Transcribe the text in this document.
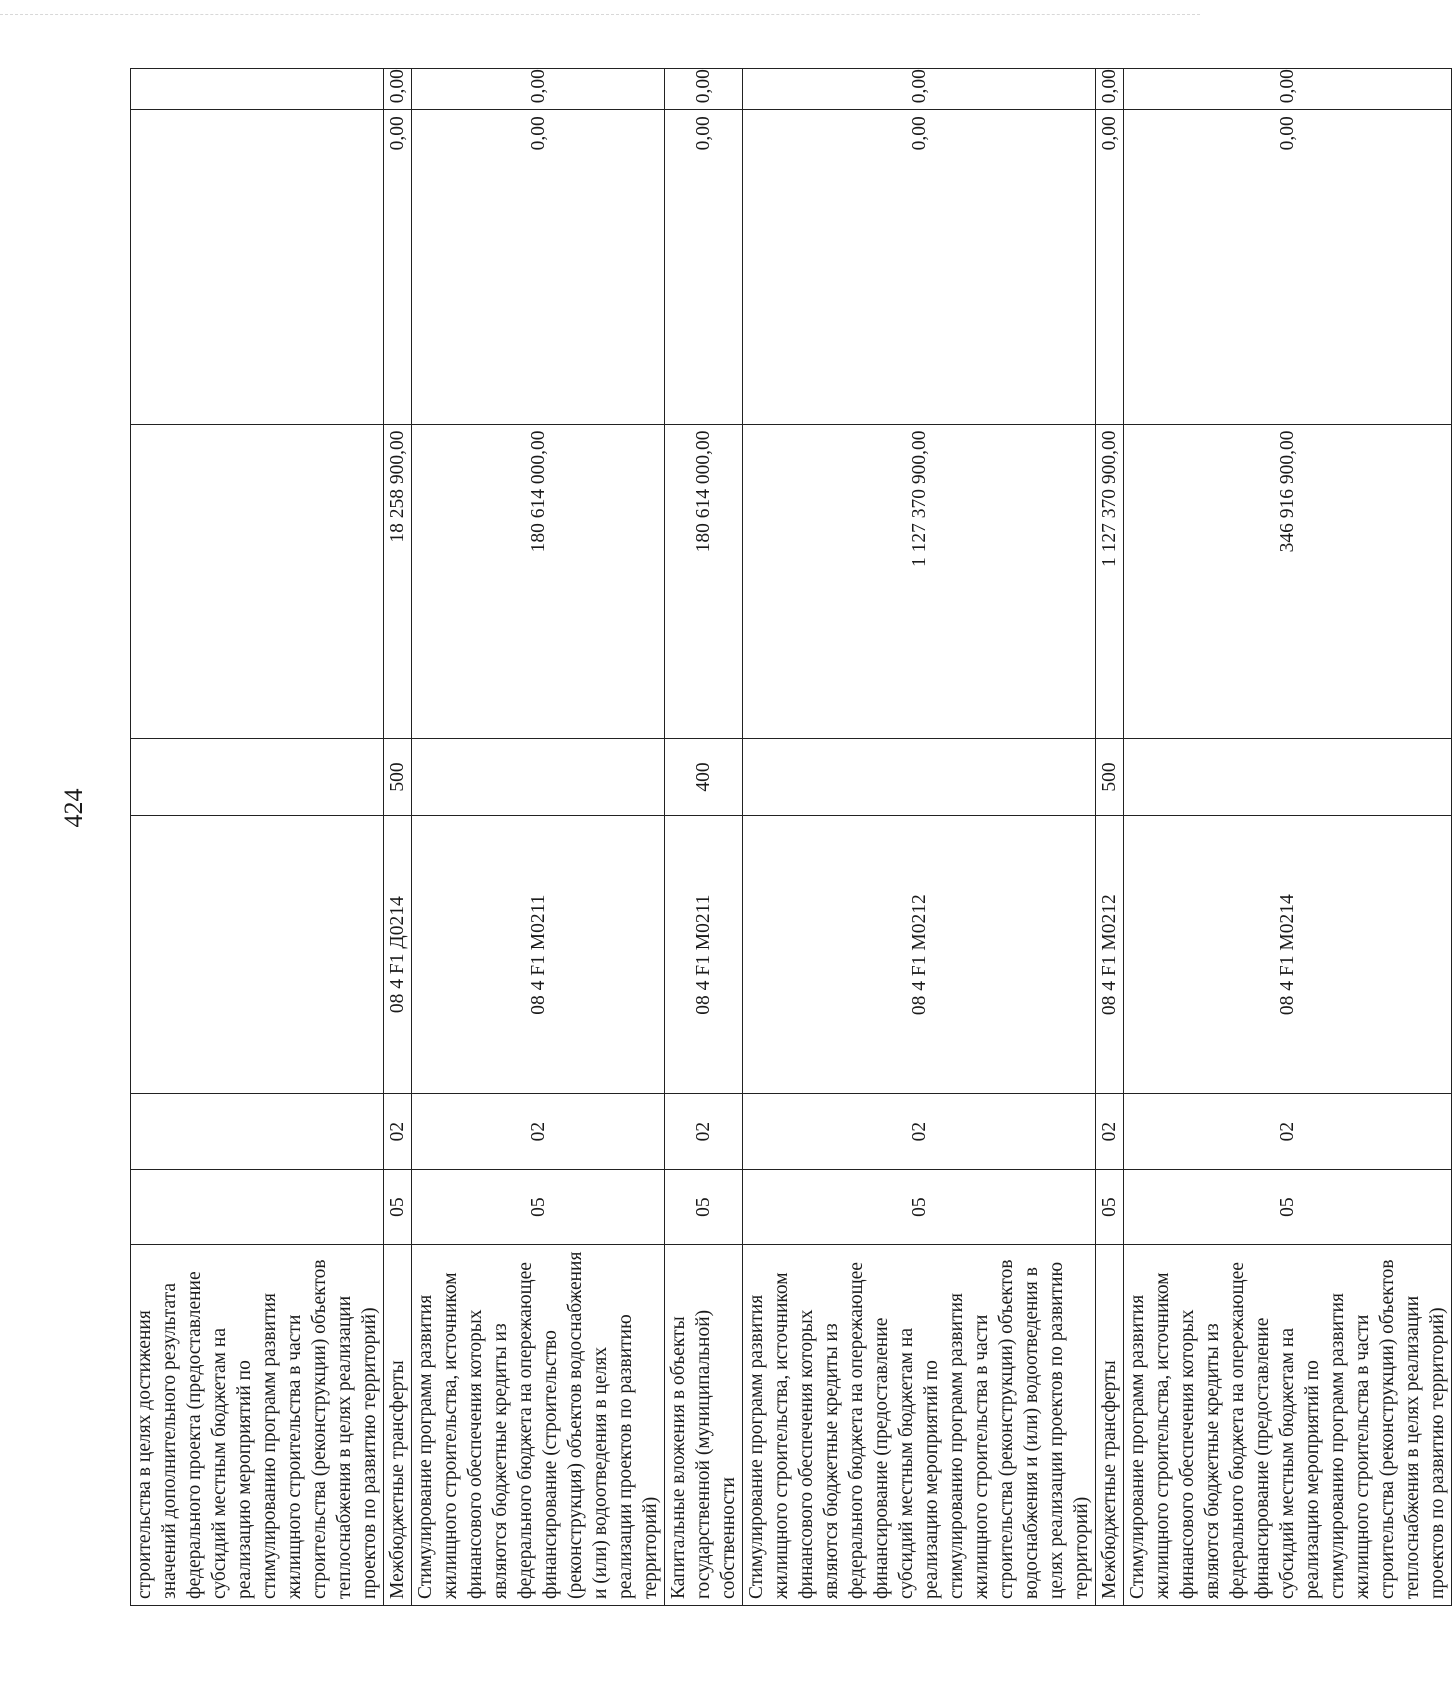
424
строительства в целях достижения значений дополнительного результата федерального проекта (предоставление субсидий местным бюджетам на реализацию мероприятий по стимулированию программ развития жилищного строительства в части строительства (реконструкции) объектов теплоснабжения в целях реализации проектов по развитию территорий)							
Межбюджетные трансферты	05	02	08 4 F1 Д0214	500	18 258 900,00	0,00	0,00
Стимулирование программ развития жилищного строительства, источником финансового обеспечения которых являются бюджетные кредиты из федерального бюджета на опережающее финансирование (строительство (реконструкция) объектов водоснабжения и (или) водоотведения в целях реализации проектов по развитию территорий)	05	02	08 4 F1 M0211		180 614 000,00	0,00	0,00
Капитальные вложения в объекты государственной (муниципальной) собственности	05	02	08 4 F1 M0211	400	180 614 000,00	0,00	0,00
Стимулирование программ развития жилищного строительства, источником финансового обеспечения которых являются бюджетные кредиты из федерального бюджета на опережающее финансирование (предоставление субсидий местным бюджетам на реализацию мероприятий по стимулированию программ развития жилищного строительства в части строительства (реконструкции) объектов водоснабжения и (или) водоотведения в целях реализации проектов по развитию территорий)	05	02	08 4 F1 M0212		1 127 370 900,00	0,00	0,00
Межбюджетные трансферты	05	02	08 4 F1 M0212	500	1 127 370 900,00	0,00	0,00
Стимулирование программ развития жилищного строительства, источником финансового обеспечения которых являются бюджетные кредиты из федерального бюджета на опережающее финансирование (предоставление субсидий местным бюджетам на реализацию мероприятий по стимулированию программ развития жилищного строительства в части строительства (реконструкции) объектов теплоснабжения в целях реализации проектов по развитию территорий)	05	02	08 4 F1 M0214		346 916 900,00	0,00	0,00
